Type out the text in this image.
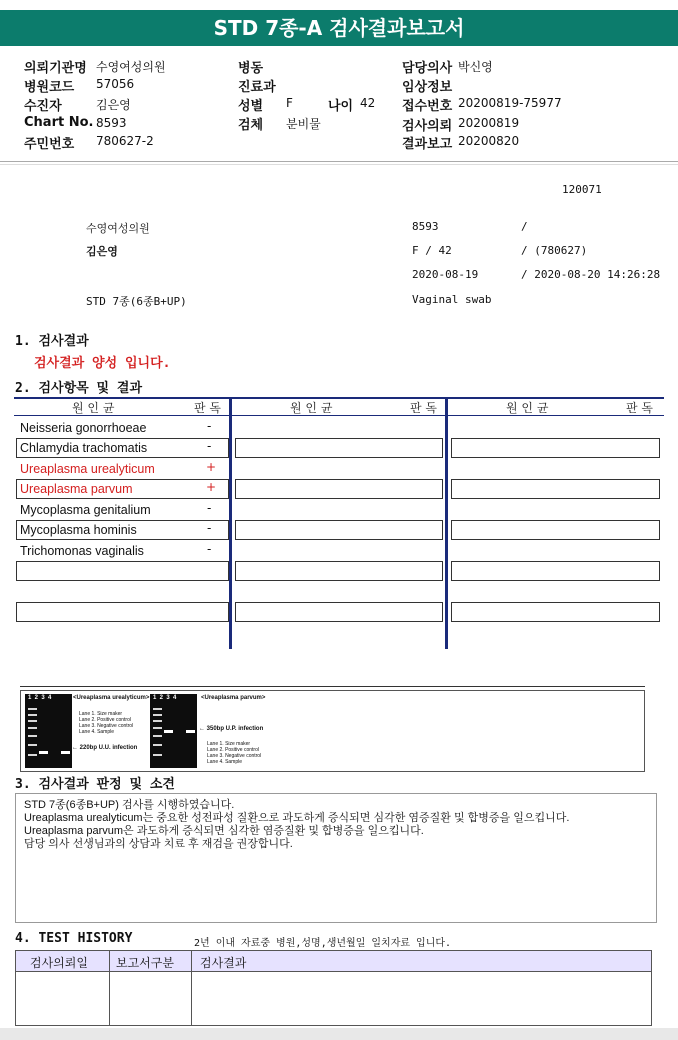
STD 7종-A 검사결과보고서
의뢰기관명 수영여성의원
병원코드 57056
수진자	김은영
Chart No. 8593
주민번호 780627-2
병동
진료과
성별 F	나이 42
검체 분비물
담당의사 박신영
임상정보
접수번호 20200819-75977
검사의뢰 20200819
결과보고 20200820
120071
수영여성의원	8593	/
김은영	F / 42	/ (780627)
2020-08-19	/ 2020-08-20 14:26:28
STD 7종(6종B+UP)	Vaginal swab
1. 검사결과
검사결과 양성 입니다.
2. 검사항목 및 결과
원 인 균	판 독	원 인 균	판 독	원 인 균	판 독
Neisseria gonorrhoeae	-
Chlamydia trachomatis	-
Ureaplasma urealyticum	+
Ureaplasma parvum	+
Mycoplasma genitalium	-
Mycoplasma hominis	-
Trichomonas vaginalis	-
1  2  3  4	<Ureaplasma urealyticum>
Lane 1. Size maker
Lane 2. Positive control
Lane 3. Negative control
Lane 4. Sample
← 220bp U.U. infection
1  2  3  4	<Ureaplasma parvum>
← 350bp U.P. infection
Lane 1. Size maker
Lane 2. Positive control
Lane 3. Negative control
Lane 4. Sample
3. 검사결과 판정 및 소견
STD 7종(6종B+UP) 검사를 시행하였습니다.
Ureaplasma urealyticum는 중요한 성전파성 질환으로 과도하게 증식되면 심각한 염증질환 및 합병증을 일으킵니다.
Ureaplasma parvum은 과도하게 증식되면 심각한 염증질환 및 합병증을 일으킵니다.
담당 의사 선생님과의 상담과 치료 후 재검을 권장합니다.
4. TEST HISTORY	2년 이내 자료중 병원,성명,생년월일 일치자료 입니다.
검사의뢰일 보고서구분 검사결과
